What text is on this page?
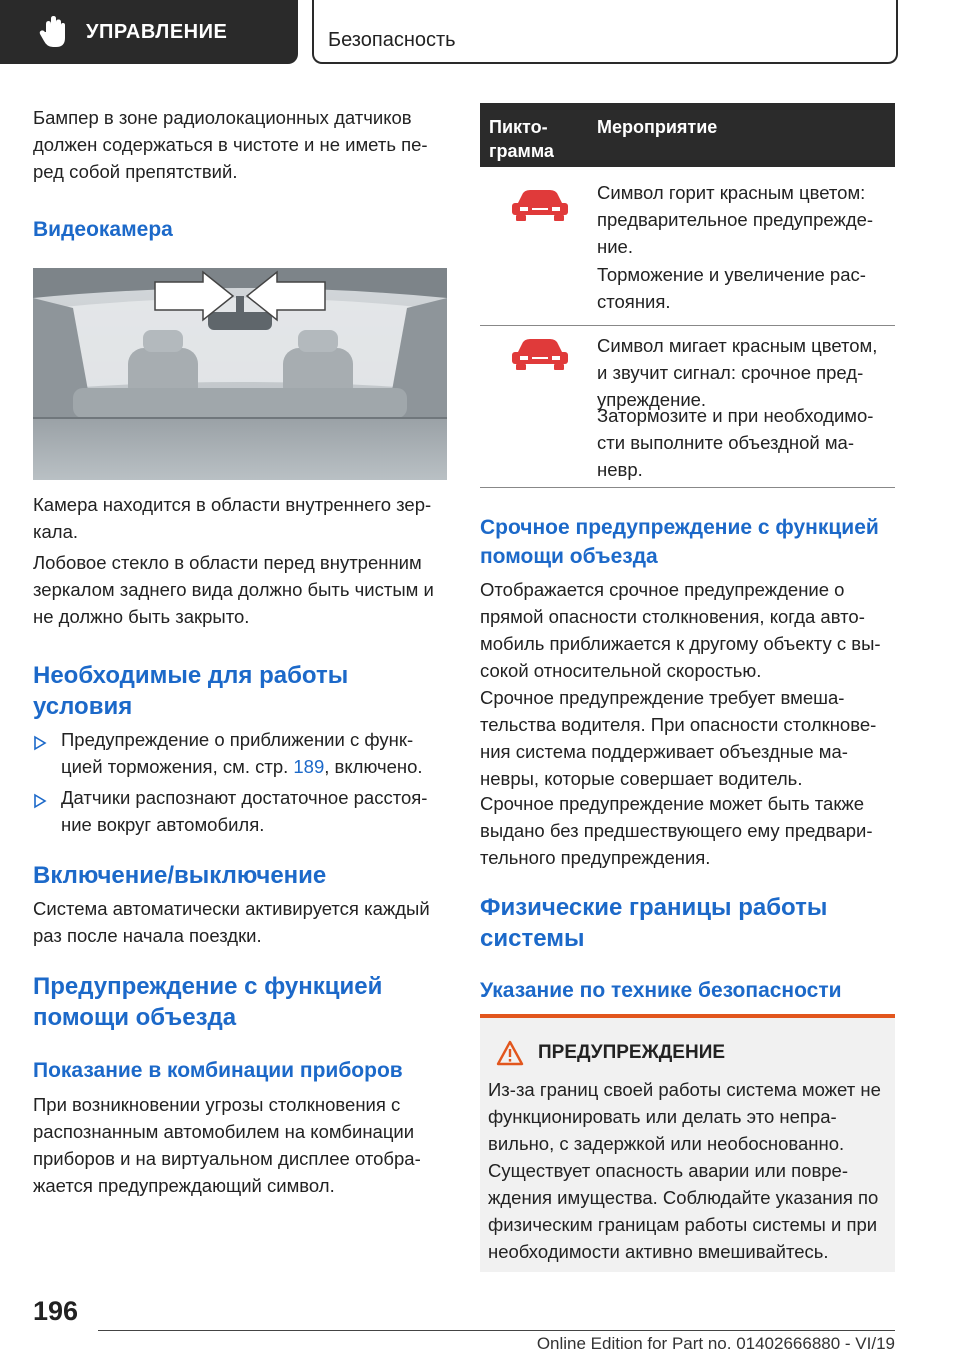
УПРАВЛЕНИЕ	Безопасность
Бампер в зоне радиолокационных датчиков должен содержаться в чистоте и не иметь пе-ред собой препятствий.
Видеокамера
Камера находится в области внутреннего зер-кала.
Лобовое стекло в области перед внутренним зеркалом заднего вида должно быть чистым и не должно быть закрыто.
Необходимые для работы условия
Предупреждение о приближении с функ-цией торможения, см. стр. 189, включено.
Датчики распознают достаточное расстоя-ние вокруг автомобиля.
Включение/выключение
Система автоматически активируется каждый раз после начала поездки.
Предупреждение с функцией помощи объезда
Показание в комбинации приборов
При возникновении угрозы столкновения с распознанным автомобилем на комбинации приборов и на виртуальном дисплее отобра-жается предупреждающий символ.
Пикто-грамма
Мероприятие
Символ горит красным цветом: предварительное предупрежде-ние.
Торможение и увеличение рас-стояния.
Символ мигает красным цветом, и звучит сигнал: срочное пред-упреждение.
Затормозите и при необходимо-сти выполните объездной ма-невр.
Срочное предупреждение с функцией помощи объезда
Отображается срочное предупреждение о прямой опасности столкновения, когда авто-мобиль приближается к другому объекту с вы-сокой относительной скоростью.
Срочное предупреждение требует вмеша-тельства водителя. При опасности столкнове-ния система поддерживает объездные ма-невры, которые совершает водитель.
Срочное предупреждение может быть также выдано без предшествующего ему предвари-тельного предупреждения.
Физические границы работы системы
Указание по технике безопасности
ПРЕДУПРЕЖДЕНИЕ
Из-за границ своей работы система может не функционировать или делать это непра-вильно, с задержкой или необоснованно. Существует опасность аварии или повре-ждения имущества. Соблюдайте указания по физическим границам работы системы и при необходимости активно вмешивайтесь.
196
Online Edition for Part no. 01402666880 - VI/19
